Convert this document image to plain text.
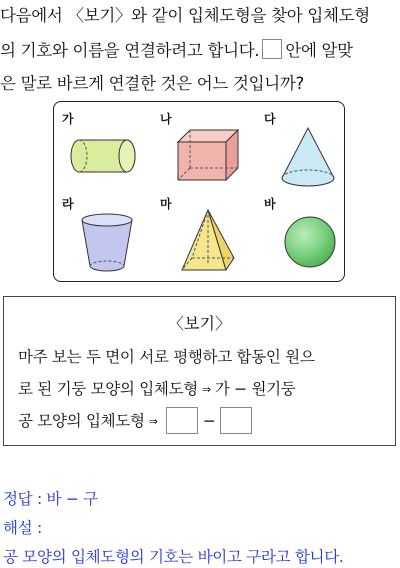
다음에서 〈보기〉와 같이 입체도형을 찾아 입체도형
의 기호와 이름을 연결하려고 합니다. 안에 알맞
은 말로 바르게 연결한 것은 어느 것입니까?
가	나	다
라	마	바
〈보기〉
마주 보는 두 면이 서로 평행하고 합동인 원으
로 된 기둥 모양의 입체도형 ⇒ 가 − 원기둥
공 모양의 입체도형 ⇒	−
정답 : 바 − 구
해설 :
공 모양의 입체도형의 기호는 바이고 구라고 합니다.
